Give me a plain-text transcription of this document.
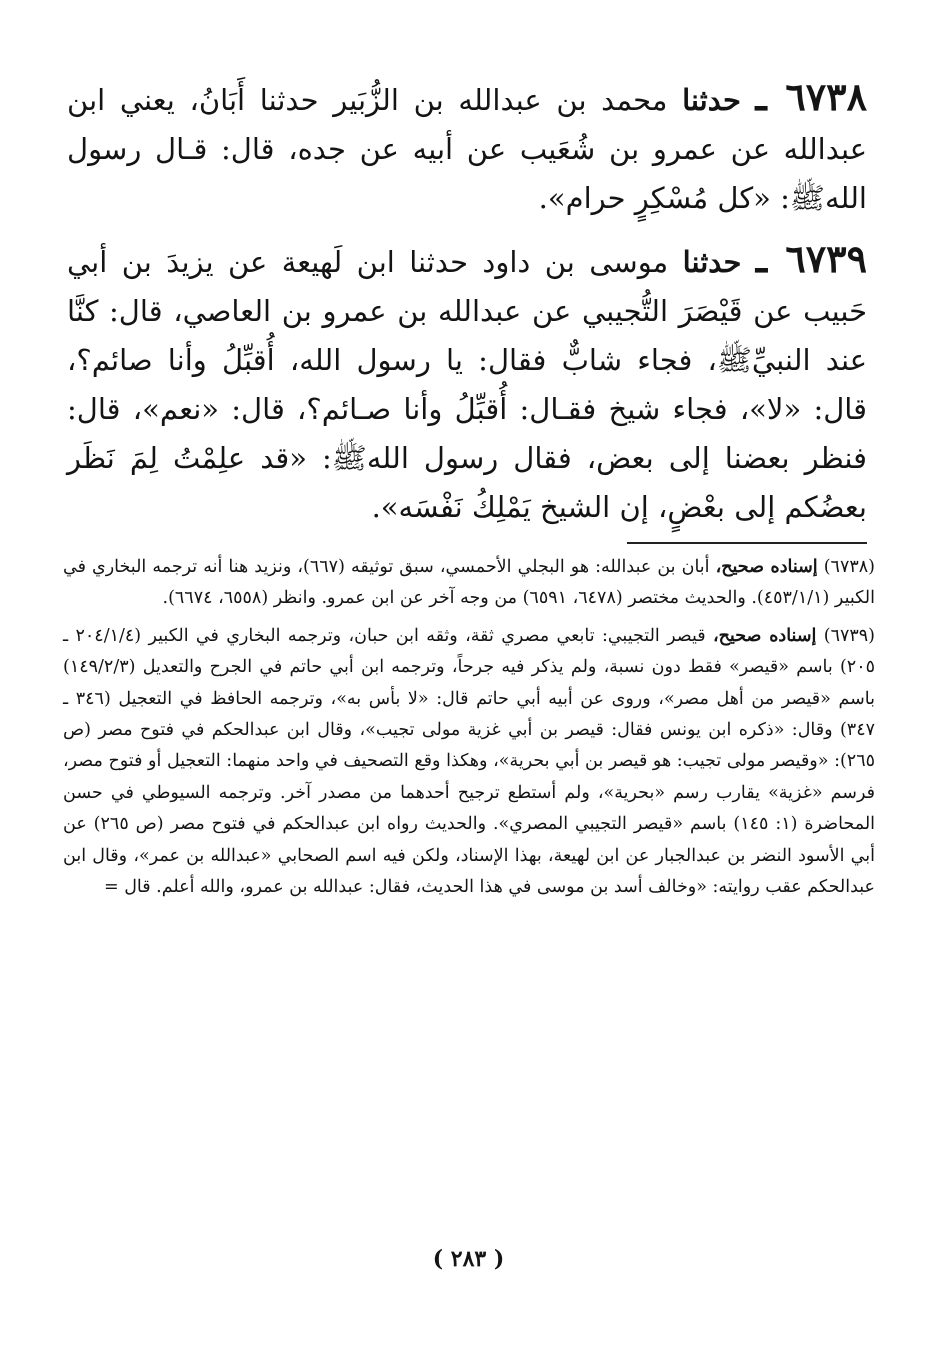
٦٧٣٨ ـ حدثنا محمد بن عبدالله بن الزُّبَير حدثنا أَبَانُ، يعني ابن عبدالله عن عمرو بن شُعَيب عن أبيه عن جده، قال: قـال رسول اللهﷺ: «كل مُسْكِرٍ حرام».

٦٧٣٩ ـ حدثنا موسى بن داود حدثنا ابن لَهيعة عن يزيدَ بن أبي حَبيب عن قَيْصَرَ التُّجيبي عن عبدالله بن عمرو بن العاصي، قال: كنَّا عند النبيِّﷺ، فجاء شابٌّ فقال: يا رسول الله، أُقبِّلُ وأنا صائم؟، قال: «لا»، فجاء شيخ فقـال: أُقبِّلُ وأنا صـائم؟، قال: «نعم»، قال: فنظر بعضنا إلى بعض، فقال رسول اللهﷺ: «قد علِمْتُ لِمَ نَظَر بعضُكم إلى بعْضٍ، إن الشيخ يَمْلِكُ نَفْسَه».

(٦٧٣٨) إسناده صحيح، أبان بن عبدالله: هو البجلي الأحمسي، سبق توثيقه (٦٦٧)، ونزيد هنا أنه ترجمه البخاري في الكبير (٤٥٣/١/١). والحديث مختصر (٦٤٧٨، ٦٥٩١) من وجه آخر عن ابن عمرو. وانظر (٦٥٥٨، ٦٦٧٤).

(٦٧٣٩) إسناده صحيح، قيصر التجيبي: تابعي مصري ثقة، وثقه ابن حبان، وترجمه البخاري في الكبير (٢٠٤/١/٤ ـ ٢٠٥) باسم «قيصر» فقط دون نسبة، ولم يذكر فيه جرحاً، وترجمه ابن أبي حاتم في الجرح والتعديل (١٤٩/٢/٣) باسم «قيصر من أهل مصر»، وروى عن أبيه أبي حاتم قال: «لا بأس به»، وترجمه الحافظ في التعجيل (٣٤٦ ـ ٣٤٧) وقال: «ذكره ابن يونس فقال: قيصر بن أبي غزية مولى تجيب»، وقال ابن عبدالحكم في فتوح مصر (ص ٢٦٥): «وقيصر مولى تجيب: هو قيصر بن أبي بحرية»، وهكذا وقع التصحيف في واحد منهما: التعجيل أو فتوح مصر، فرسم «غزية» يقارب رسم «بحرية»، ولم أستطع ترجيح أحدهما من مصدر آخر. وترجمه السيوطي في حسن المحاضرة (١: ١٤٥) باسم «قيصر التجيبي المصري». والحديث رواه ابن عبدالحكم في فتوح مصر (ص ٢٦٥) عن أبي الأسود النضر بن عبدالجبار عن ابن لهيعة، بهذا الإسناد، ولكن فيه اسم الصحابي «عبدالله بن عمر»، وقال ابن عبدالحكم عقب روايته: «وخالف أسد بن موسى في هذا الحديث، فقال: عبدالله بن عمرو، والله أعلم. قال =

( ٢٨٣ )
